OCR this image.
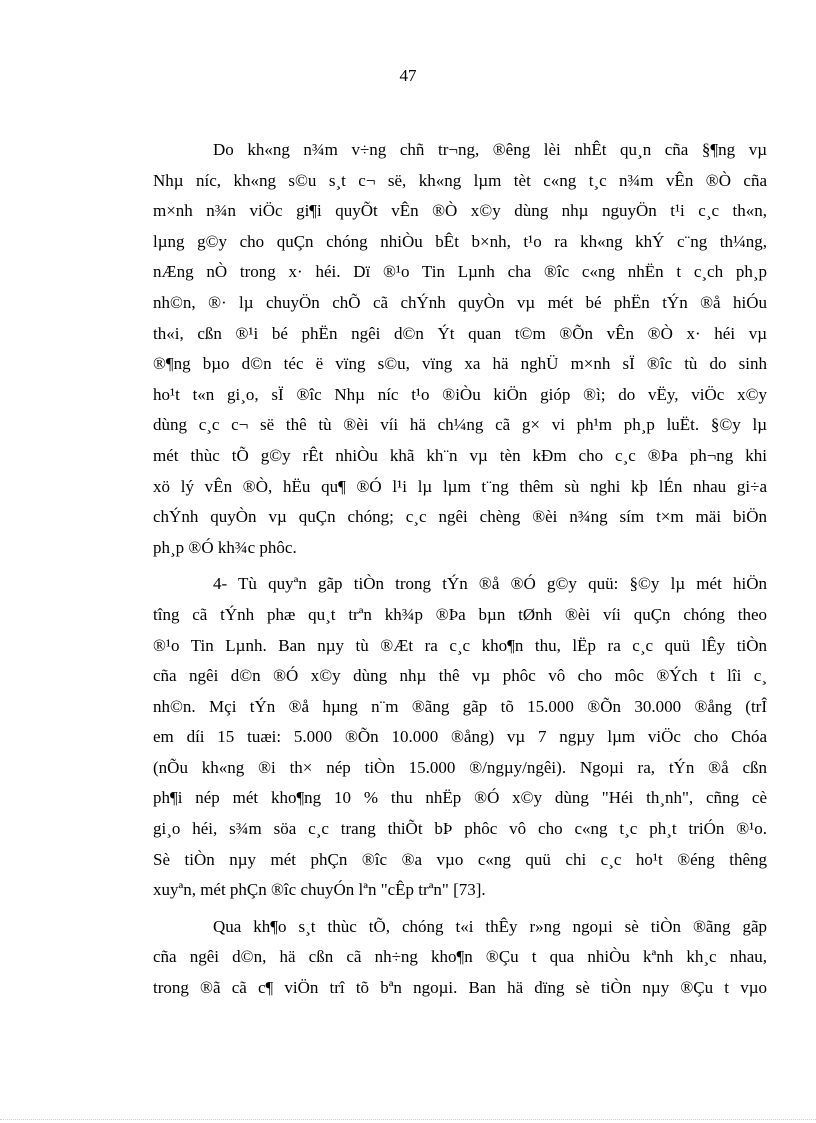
47
Do kh«ng n¾m v÷ng chñ tr¬ng, ®êng lèi nhÊt qu¸n cña §¶ng vµ
Nhµ níc, kh«ng s©u s¸t c¬ së, kh«ng lµm tèt c«ng t¸c n¾m vÊn ®Ò cña
m×nh n¾n viÖc gi¶i quyÕt vÊn ®Ò x©y dùng nhµ nguyÖn t¹i c¸c th«n,
lµng g©y cho quÇn chóng nhiÒu bÊt b×nh, t¹o ra kh«ng khÝ c¨ng th¼ng,
nÆng nÒ trong x· héi. Dï ®¹o Tin Lµnh cha ®îc c«ng nhËn t c¸ch ph¸p
nh©n, ®· lµ chuyÖn chÕ cã chÝnh quyÒn vµ mét bé phËn tÝn ®å hiÓu
th«i, cßn ®¹i bé phËn ngêi d©n Ýt quan t©m ®Õn vÊn ®Ò x· héi vµ
®¶ng bµo d©n téc ë vïng s©u, vïng xa hä nghÜ m×nh sÏ ®îc tù do sinh
ho¹t t«n gi¸o, sÏ ®îc Nhµ níc t¹o ®iÒu kiÖn gióp ®ì; do vËy, viÖc x©y
dùng c¸c c¬ së thê tù ®èi víi hä ch¼ng cã g× vi ph¹m ph¸p luËt. §©y lµ
mét thùc tÕ g©y rÊt nhiÒu khã kh¨n vµ tèn kÐm cho c¸c ®Þa ph¬ng khi
xö lý vÊn ®Ò, hËu qu¶ ®Ó l¹i lµ lµm t¨ng thêm sù nghi kþ lÉn nhau gi÷a
chÝnh quyÒn vµ quÇn chóng; c¸c ngêi chèng ®èi n¾ng sím t×m mäi biÖn
ph¸p ®Ó kh¾c phôc.
4- Tù quyªn gãp tiÒn trong tÝn ®å ®Ó g©y quü: §©y lµ mét hiÖn
tîng cã tÝnh phæ qu¸t trªn kh¾p ®Þa bµn tØnh ®èi víi quÇn chóng theo
®¹o Tin Lµnh. Ban nµy tù ®Æt ra c¸c kho¶n thu, lËp ra c¸c quü lÊy tiÒn
cña ngêi d©n ®Ó x©y dùng nhµ thê vµ phôc vô cho môc ®Ých t lîi c¸
nh©n. Mçi tÝn ®å hµng n¨m ®ãng gãp tõ 15.000 ®Õn 30.000 ®ång (trÎ
em díi 15 tuæi: 5.000 ®Õn 10.000 ®ång) vµ 7 ngµy lµm viÖc cho Chóa
(nÕu kh«ng ®i th× nép tiÒn 15.000 ®/ngµy/ngêi). Ngoµi ra, tÝn ®å cßn
ph¶i nép mét kho¶ng 10 % thu nhËp ®Ó x©y dùng "Héi th¸nh", cñng cè
gi¸o héi, s¾m söa c¸c trang thiÕt bÞ phôc vô cho c«ng t¸c ph¸t triÓn ®¹o.
Sè tiÒn nµy mét phÇn ®îc ®a vµo c«ng quü chi c¸c ho¹t ®éng thêng
xuyªn, mét phÇn ®îc chuyÓn lªn "cÊp trªn" [73].
Qua kh¶o s¸t thùc tÕ, chóng t«i thÊy r»ng ngoµi sè tiÒn ®ãng gãp
cña ngêi d©n, hä cßn cã nh÷ng kho¶n ®Çu t qua nhiÒu kªnh kh¸c nhau,
trong ®ã cã c¶ viÖn trî tõ bªn ngoµi. Ban hä dïng sè tiÒn nµy ®Çu t vµo
